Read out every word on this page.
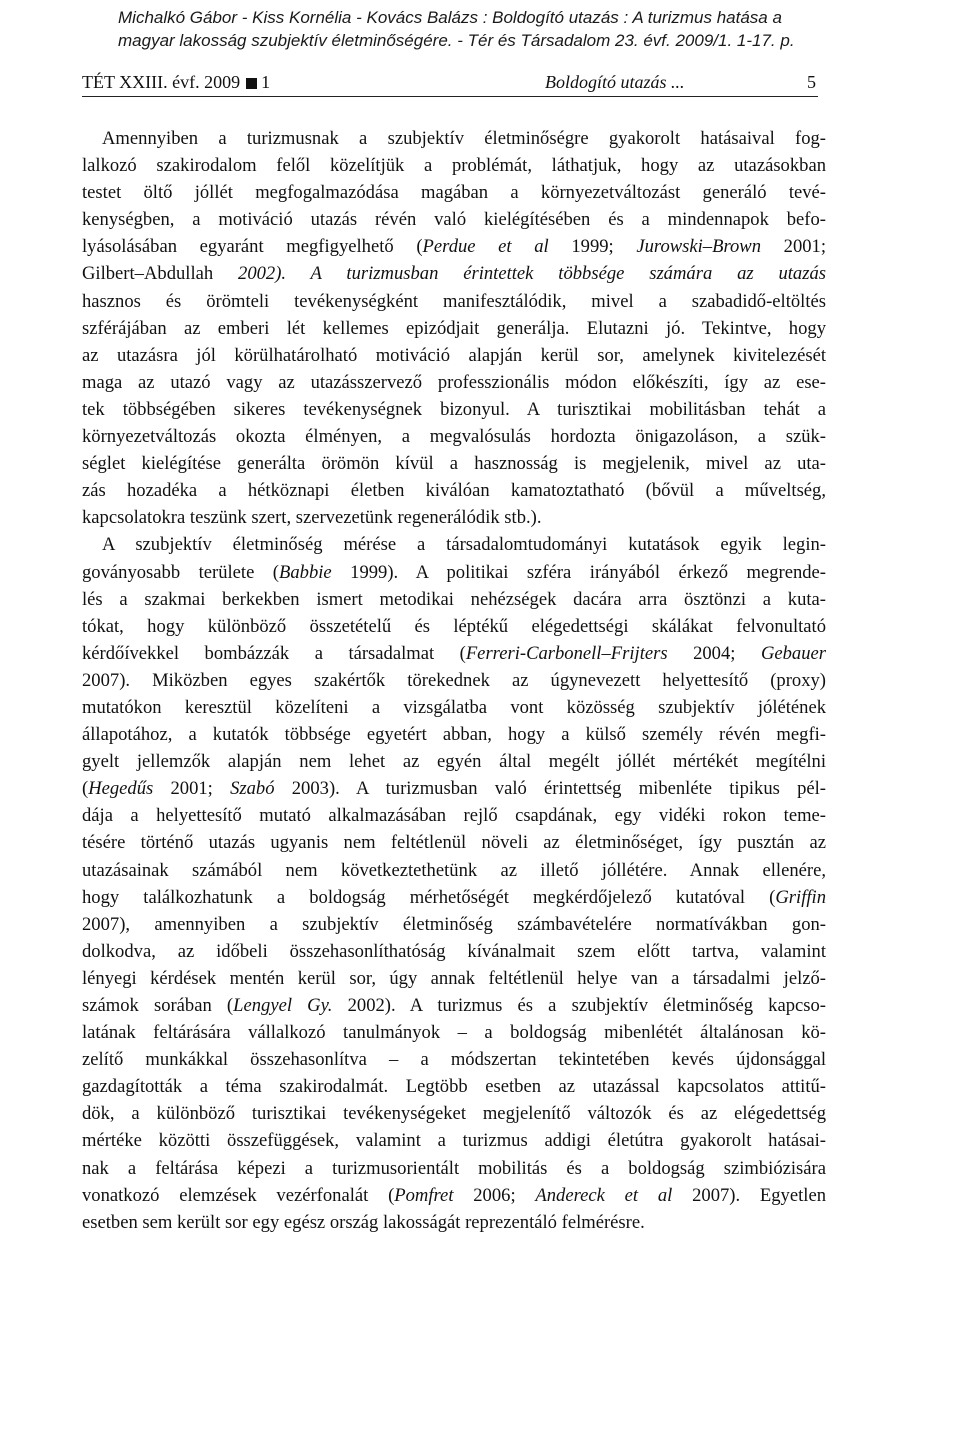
Michalkó Gábor - Kiss Kornélia - Kovács Balázs : Boldogító utazás : A turizmus hatása a
magyar lakosság szubjektív életminőségére. - Tér és Társadalom 23. évf. 2009/1. 1-17. p.
TÉT XXIII. évf. 2009 1	Boldogító utazás ...	5
Amennyiben a turizmusnak a szubjektív életminőségre gyakorolt hatásaival fog-
lalkozó szakirodalom felől közelítjük a problémát, láthatjuk, hogy az utazásokban
testet öltő jóllét megfogalmazódása magában a környezetváltozást generáló tevé-
kenységben, a motiváció utazás révén való kielégítésében és a mindennapok befo-
lyásolásában egyaránt megfigyelhető (Perdue et al 1999; Jurowski–Brown 2001;
Gilbert–Abdullah 2002). A turizmusban érintettek többsége számára az utazás
hasznos és örömteli tevékenységként manifesztálódik, mivel a szabadidő-eltöltés
szférájában az emberi lét kellemes epizódjait generálja. Elutazni jó. Tekintve, hogy
az utazásra jól körülhatárolható motiváció alapján kerül sor, amelynek kivitelezését
maga az utazó vagy az utazásszervező professzionális módon előkészíti, így az ese-
tek többségében sikeres tevékenységnek bizonyul. A turisztikai mobilitásban tehát a
környezetváltozás okozta élményen, a megvalósulás hordozta önigazoláson, a szük-
séglet kielégítése generálta örömön kívül a hasznosság is megjelenik, mivel az uta-
zás hozadéka a hétköznapi életben kiválóan kamatoztatható (bővül a műveltség,
kapcsolatokra teszünk szert, szervezetünk regenerálódik stb.).
A szubjektív életminőség mérése a társadalomtudományi kutatások egyik legin-
goványosabb területe (Babbie 1999). A politikai szféra irányából érkező megrende-
lés a szakmai berkekben ismert metodikai nehézségek dacára arra ösztönzi a kuta-
tókat, hogy különböző összetételű és léptékű elégedettségi skálákat felvonultató
kérdőívekkel bombázzák a társadalmat (Ferreri-Carbonell–Frijters 2004; Gebauer
2007). Miközben egyes szakértők törekednek az úgynevezett helyettesítő (proxy)
mutatókon keresztül közelíteni a vizsgálatba vont közösség szubjektív jólétének
állapotához, a kutatók többsége egyetért abban, hogy a külső személy révén megfi-
gyelt jellemzők alapján nem lehet az egyén által megélt jóllét mértékét megítélni
(Hegedűs 2001; Szabó 2003). A turizmusban való érintettség mibenléte tipikus pél-
dája a helyettesítő mutató alkalmazásában rejlő csapdának, egy vidéki rokon teme-
tésére történő utazás ugyanis nem feltétlenül növeli az életminőséget, így pusztán az
utazásainak számából nem következtethetünk az illető jóllétére. Annak ellenére,
hogy találkozhatunk a boldogság mérhetőségét megkérdőjelező kutatóval (Griffin
2007), amennyiben a szubjektív életminőség számbavételére normatívákban gon-
dolkodva, az időbeli összehasonlíthatóság kívánalmait szem előtt tartva, valamint
lényegi kérdések mentén kerül sor, úgy annak feltétlenül helye van a társadalmi jelző-
számok sorában (Lengyel Gy. 2002). A turizmus és a szubjektív életminőség kapcso-
latának feltárására vállalkozó tanulmányok – a boldogság mibenlétét általánosan kö-
zelítő munkákkal összehasonlítva – a módszertan tekintetében kevés újdonsággal
gazdagították a téma szakirodalmát. Legtöbb esetben az utazással kapcsolatos attitű-
dök, a különböző turisztikai tevékenységeket megjelenítő változók és az elégedettség
mértéke közötti összefüggések, valamint a turizmus addigi életútra gyakorolt hatásai-
nak a feltárása képezi a turizmusorientált mobilitás és a boldogság szimbiózisára
vonatkozó elemzések vezérfonalát (Pomfret 2006; Andereck et al 2007). Egyetlen
esetben sem került sor egy egész ország lakosságát reprezentáló felmérésre.
